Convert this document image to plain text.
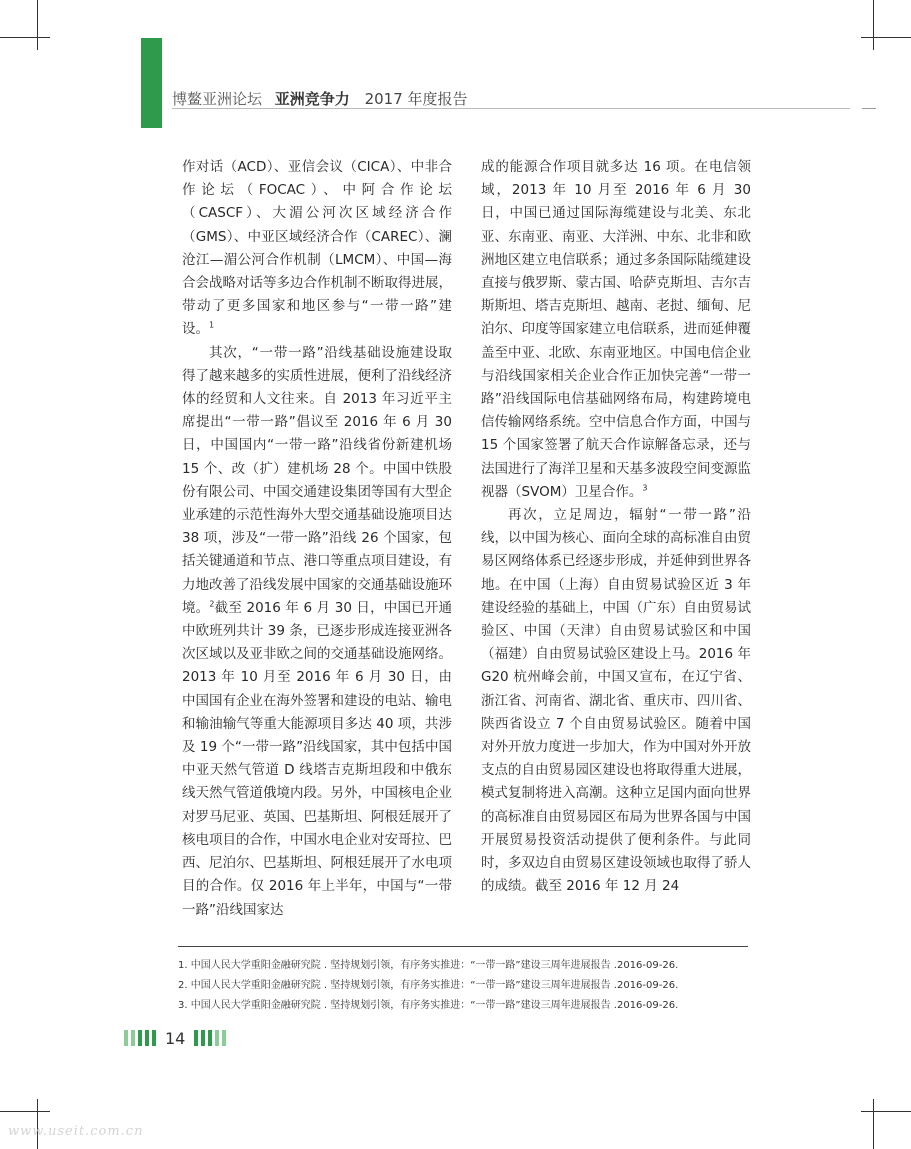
博鳌亚洲论坛 亚洲竞争力 2017 年度报告

作对话（ACD）、亚信会议（CICA）、中非合作论坛（FOCAC）、中阿合作论坛（CASCF）、大湄公河次区域经济合作（GMS）、中亚区域经济合作（CAREC）、澜沧江—湄公河合作机制（LMCM）、中国—海合会战略对话等多边合作机制不断取得进展，带动了更多国家和地区参与“一带一路”建设。$^1$

其次，“一带一路”沿线基础设施建设取得了越来越多的实质性进展，便利了沿线经济体的经贸和人文往来。自 2013 年习近平主席提出“一带一路”倡议至 2016 年 6 月 30 日，中国国内“一带一路”沿线省份新建机场 15 个、改（扩）建机场 28 个。中国中铁股份有限公司、中国交通建设集团等国有大型企业承建的示范性海外大型交通基础设施项目达 38 项，涉及“一带一路”沿线 26 个国家，包括关键通道和节点、港口等重点项目建设，有力地改善了沿线发展中国家的交通基础设施环境。$^2$截至 2016 年 6 月 30 日，中国已开通中欧班列共计 39 条，已逐步形成连接亚洲各次区域以及亚非欧之间的交通基础设施网络。2013 年 10 月至 2016 年 6 月 30 日，由中国国有企业在海外签署和建设的电站、输电和输油输气等重大能源项目多达 40 项，共涉及 19 个“一带一路”沿线国家，其中包括中国中亚天然气管道 D 线塔吉克斯坦段和中俄东线天然气管道俄境内段。另外，中国核电企业对罗马尼亚、英国、巴基斯坦、阿根廷展开了核电项目的合作，中国水电企业对安哥拉、巴西、尼泊尔、巴基斯坦、阿根廷展开了水电项目的合作。仅 2016 年上半年，中国与“一带一路”沿线国家达

成的能源合作项目就多达 16 项。在电信领域，2013 年 10 月至 2016 年 6 月 30 日，中国已通过国际海缆建设与北美、东北亚、东南亚、南亚、大洋洲、中东、北非和欧洲地区建立电信联系；通过多条国际陆缆建设直接与俄罗斯、蒙古国、哈萨克斯坦、吉尔吉斯斯坦、塔吉克斯坦、越南、老挝、缅甸、尼泊尔、印度等国家建立电信联系，进而延伸覆盖至中亚、北欧、东南亚地区。中国电信企业与沿线国家相关企业合作正加快完善“一带一路”沿线国际电信基础网络布局，构建跨境电信传输网络系统。空中信息合作方面，中国与 15 个国家签署了航天合作谅解备忘录，还与法国进行了海洋卫星和天基多波段空间变源监视器（SVOM）卫星合作。$^3$

再次，立足周边，辐射“一带一路”沿线，以中国为核心、面向全球的高标准自由贸易区网络体系已经逐步形成，并延伸到世界各地。在中国（上海）自由贸易试验区近 3 年建设经验的基础上，中国（广东）自由贸易试验区、中国（天津）自由贸易试验区和中国（福建）自由贸易试验区建设上马。2016 年 G20 杭州峰会前，中国又宣布，在辽宁省、浙江省、河南省、湖北省、重庆市、四川省、陕西省设立 7 个自由贸易试验区。随着中国对外开放力度进一步加大，作为中国对外开放支点的自由贸易园区建设也将取得重大进展，模式复制将进入高潮。这种立足国内面向世界的高标准自由贸易园区布局为世界各国与中国开展贸易投资活动提供了便利条件。与此同时，多双边自由贸易区建设领域也取得了骄人的成绩。截至 2016 年 12 月 24

1. 中国人民大学重阳金融研究院 . 坚持规划引领，有序务实推进：“一带一路”建设三周年进展报告 .2016-09-26.
2. 中国人民大学重阳金融研究院 . 坚持规划引领，有序务实推进：“一带一路”建设三周年进展报告 .2016-09-26.
3. 中国人民大学重阳金融研究院 . 坚持规划引领，有序务实推进：“一带一路”建设三周年进展报告 .2016-09-26.
14
www.useit.com.cn
